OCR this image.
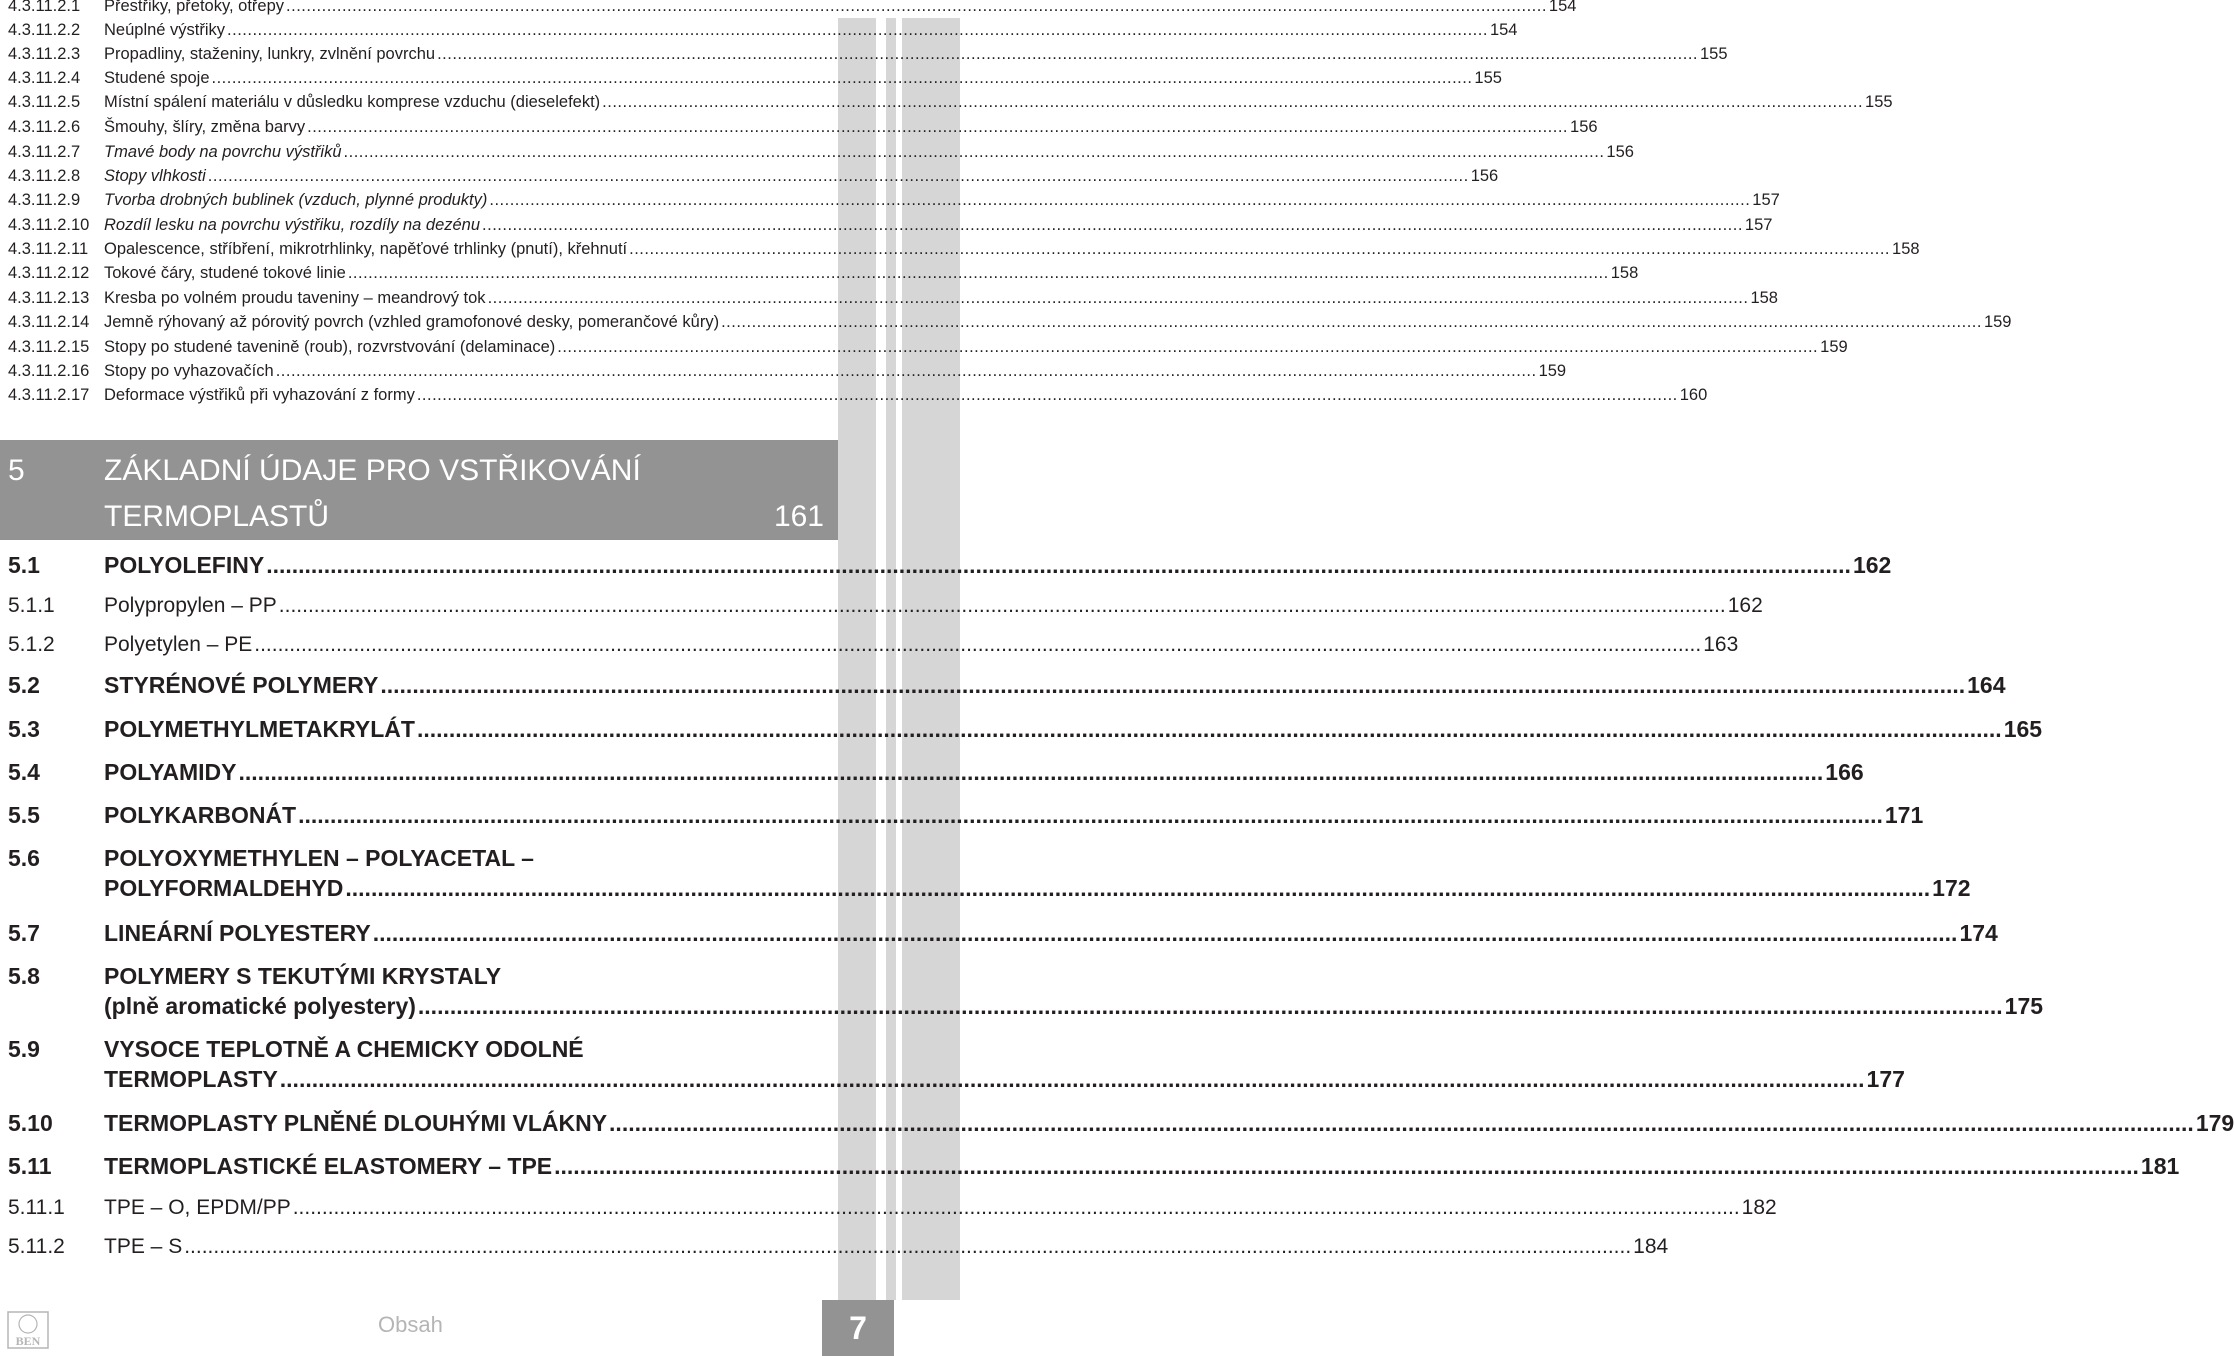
4.3.11.2.1	Přestřiky, přetoky, otřepy .....	154
4.3.11.2.2	Neúplné výstřiky .....	154
4.3.11.2.3	Propadliny, staženiny, lunkry, zvlnění povrchu .....	155
4.3.11.2.4	Studené spoje .....	155
4.3.11.2.5	Místní spálení materiálu v důsledku komprese vzduchu (dieselefekt) .....	155
4.3.11.2.6	Šmouhy, šlíry, změna barvy .....	156
4.3.11.2.7	Tmavé body na povrchu výstřiků .....	156
4.3.11.2.8	Stopy vlhkosti .....	156
4.3.11.2.9	Tvorba drobných bublinek (vzduch, plynné produkty) .....	157
4.3.11.2.10 Rozdíl lesku na povrchu výstřiku, rozdíly na dezénu .....	157
4.3.11.2.11 Opalescence, stříbření, mikrotrhlinky, napěťové trhlinky (pnutí), křehnutí .....	158
4.3.11.2.12 Tokové čáry, studené tokové linie .....	158
4.3.11.2.13 Kresba po volném proudu taveniny – meandrový tok .....	158
4.3.11.2.14 Jemně rýhovaný až pórovitý povrch (vzhled gramofonové desky, pomerančové kůry) .....	159
4.3.11.2.15 Stopy po studené tavenině (roub), rozvrstvování (delaminace) .....	159
4.3.11.2.16 Stopy po vyhazovačích .....	159
4.3.11.2.17 Deformace výstřiků při vyhazování z formy .....	160
5.1	POLYOLEFINY .....	162
5.1.1	Polypropylen – PP .....	162
5.1.2	Polyetylen – PE .....	163
5.2	STYRÉNOVÉ POLYMERY .....	164
5.3	POLYMETHYLMETAKRYLÁT .....	165
5.4	POLYAMIDY .....	166
5.5	POLYKARBONÁT .....	171
5.6	POLYOXYMETHYLEN – POLYACETAL –
POLYFORMALDEHYD .....	172
5.7	LINEÁRNÍ POLYESTERY .....	174
5.8	POLYMERY S TEKUTÝMI KRYSTALY
(plně aromatické polyestery) .....	175
5.9	VYSOCE TEPLOTNĚ A CHEMICKY ODOLNÉ
TERMOPLASTY .....	177
5.10	TERMOPLASTY PLNĚNÉ DLOUHÝMI VLÁKNY .....	179
5.11	TERMOPLASTICKÉ ELASTOMERY – TPE .....	181
5.11.1	TPE – O, EPDM/PP .....	182
5.11.2	TPE – S .....	184
5	ZÁKLADNÍ ÚDAJE PRO VSTŘIKOVÁNÍ
TERMOPLASTŮ	161
BEN
Obsah	7
